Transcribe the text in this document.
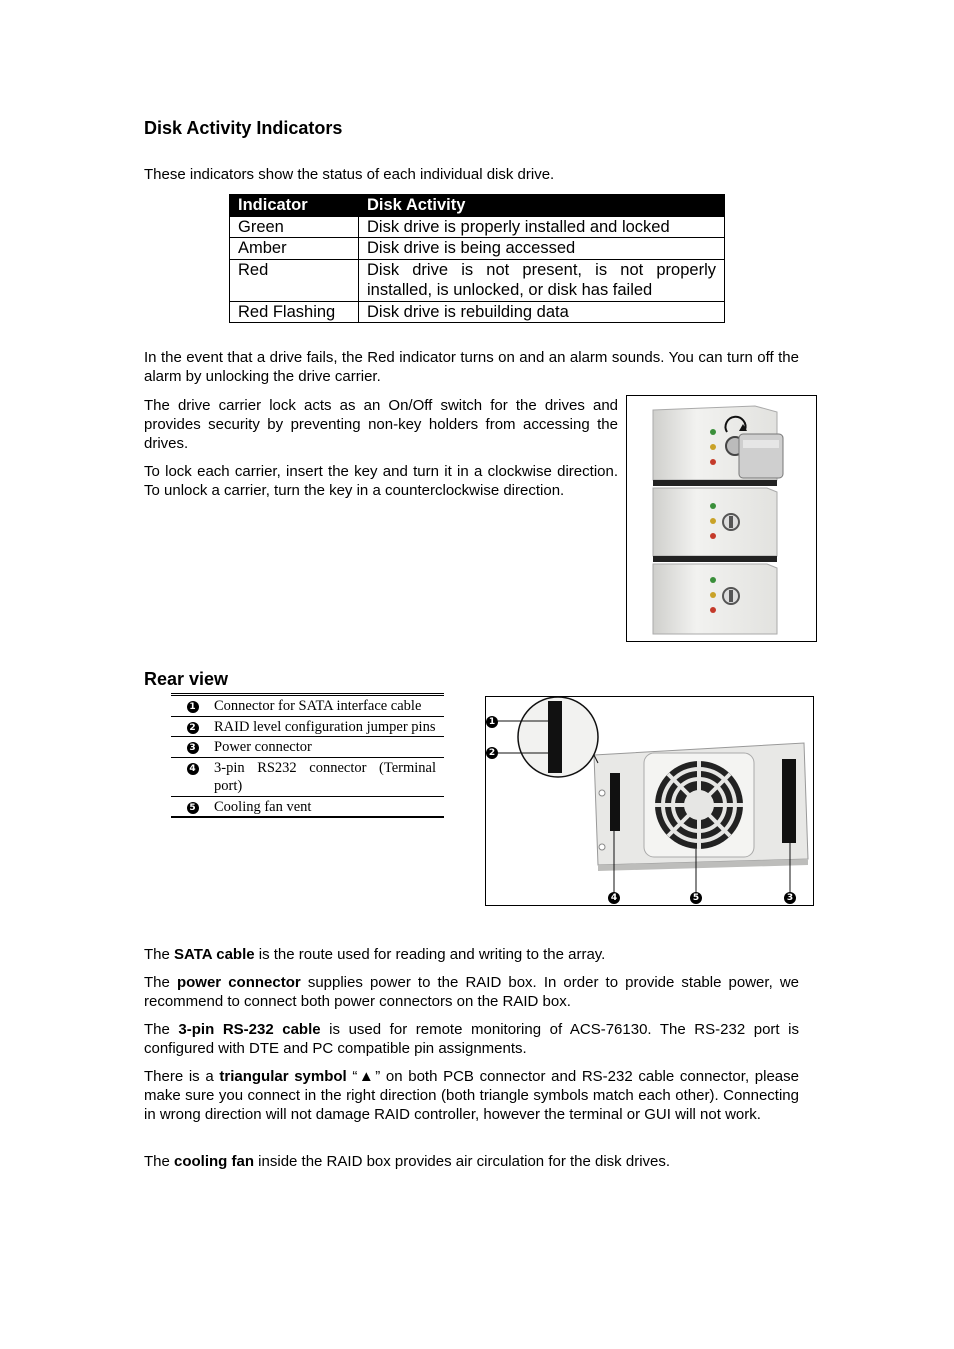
Disk Activity Indicators

These indicators show the status of each individual disk drive.

Indicator	Disk Activity
Green	Disk drive is properly installed and locked
Amber	Disk drive is being accessed
Red	Disk drive is not present, is not properly installed, is unlocked, or disk has failed
Red Flashing	Disk drive is rebuilding data

In the event that a drive fails, the Red indicator turns on and an alarm sounds. You can turn off the alarm by unlocking the drive carrier.

The drive carrier lock acts as an On/Off switch for the drives and provides security by preventing non-key holders from accessing the drives.

To lock each carrier, insert the key and turn it in a clockwise direction. To unlock a carrier, turn the key in a counterclockwise direction.

Rear view
1	Connector for SATA interface cable
2	RAID level configuration jumper pins
3	Power connector
4	3-pin RS232 connector (Terminal port)
5	Cooling fan vent
1
2
4	5	3

The SATA cable is the route used for reading and writing to the array.

The power connector supplies power to the RAID box. In order to provide stable power, we recommend to connect both power connectors on the RAID box.

The 3-pin RS-232 cable is used for remote monitoring of ACS-76130. The RS-232 port is configured with DTE and PC compatible pin assignments.

There is a triangular symbol “▲” on both PCB connector and RS-232 cable connector, please make sure you connect in the right direction (both triangle symbols match each other). Connecting in wrong direction will not damage RAID controller, however the terminal or GUI will not work.

The cooling fan inside the RAID box provides air circulation for the disk drives.
